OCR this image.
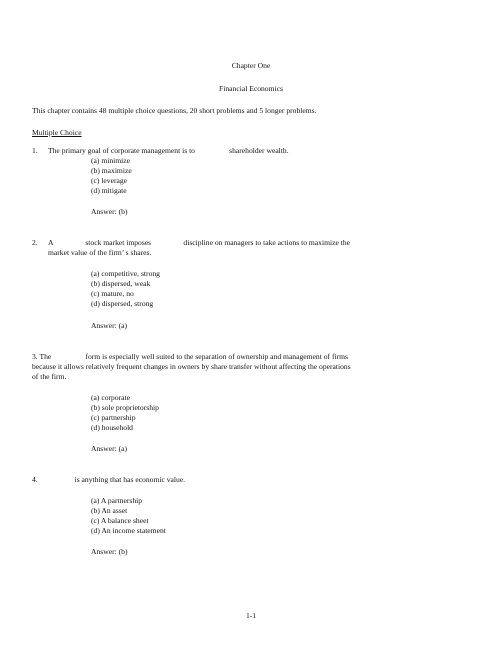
Chapter One
Financial Economics
This chapter contains 48 multiple choice questions, 20 short problems and 5 longer problems.
Multiple Choice
1. The primary goal of corporate management is to                  shareholder wealth.
(a) minimize
(b) maximize
(c) leverage
(d) mitigate
Answer: (b)
2. A                 stock market imposes                 discipline on managers to take actions to maximize the
market value of the firm’ s shares.
(a) competitive, strong
(b) dispersed, weak
(c) mature, no
(d) dispersed, strong
Answer: (a)
3. The                  form is especially well suited to the separation of ownership and management of firms
because it allows relatively frequent changes in owners by share transfer without affecting the operations
of the firm.
(a) corporate
(b) sole proprietorship
(c) partnership
(d) household
Answer: (a)
4. is anything that has economic value.
(a) A partnership
(b) An asset
(c) A balance sheet
(d) An income statement
Answer: (b)
1-1
